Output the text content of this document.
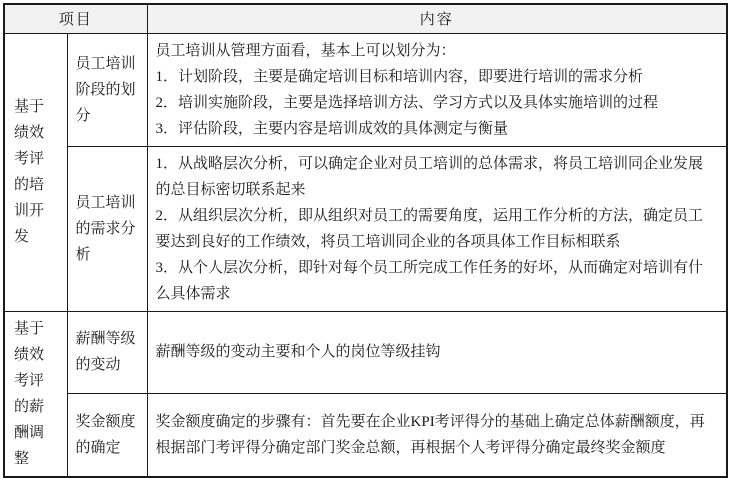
项目		内容
基于绩效考评的培训开发	员工培训阶段的划分	员工培训从管理方面看，基本上可以划分为：
1．计划阶段，主要是确定培训目标和培训内容，即要进行培训的需求分析
2．培训实施阶段，主要是选择培训方法、学习方式以及具体实施培训的过程
3．评估阶段，主要内容是培训成效的具体测定与衡量

	员工培训的需求分析	1．从战略层次分析，可以确定企业对员工培训的总体需求，将员工培训同企业发展的总目标密切联系起来
2．从组织层次分析，即从组织对员工的需要角度，运用工作分析的方法，确定员工要达到良好的工作绩效，将员工培训同企业的各项具体工作目标相联系
3．从个人层次分析，即针对每个员工所完成工作任务的好坏，从而确定对培训有什么具体需求

基于绩效考评的薪酬调整	薪酬等级的变动	薪酬等级的变动主要和个人的岗位等级挂钩

	奖金额度的确定	奖金额度确定的步骤有：首先要在企业KPI考评得分的基础上确定总体薪酬额度，再根据部门考评得分确定部门奖金总额，再根据个人考评得分确定最终奖金额度
